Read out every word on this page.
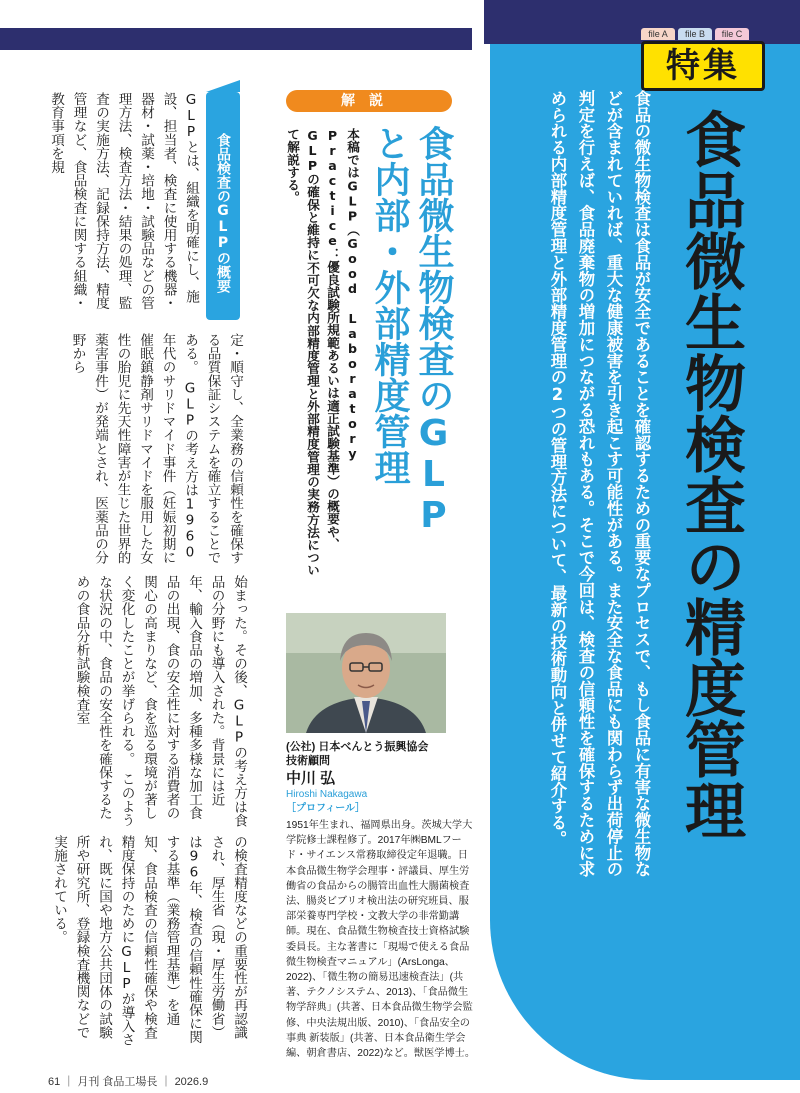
file A	file B	file C
特集
食品微生物検査の精度管理
食品の微生物検査は食品が安全であることを確認するための重要なプロセスで、もし食品に有害な微生物などが含まれていれば、重大な健康被害を引き起こす可能性がある。また安全な食品にも関わらず出荷停止の判定を行えば、食品廃棄物の増加につながる恐れもある。そこで今回は、検査の信頼性を確保するために求められる内部精度管理と外部精度管理の2つの管理方法について、最新の技術動向と併せて紹介する。
解説
食品微生物検査のGLPと内部・外部精度管理
本稿ではGLP（Good Laboratory Practice：優良試験所規範あるいは適正試験基準）の概要や、GLPの確保と維持に不可欠な内部精度管理と外部精度管理の実務方法について解説する。
食品検査のGLPの概要
GLPとは、組織を明確にし、施設、担当者、検査に使用する機器・器材・試薬・培地・試験品などの管理方法、検査方法・結果の処理、監査の実施方法、記録保持方法、精度管理など、食品検査に関する組織・教育事項を規
定・順守し、全業務の信頼性を確保する品質保証システムを確立することである。　GLPの考え方は1960年代のサリドマイド事件（妊娠初期に催眠鎮静剤サリドマイドを服用した女性の胎児に先天性障害が生じた世界的薬害事件）が発端とされ、医薬品の分野から
始まった。その後、GLPの考え方は食品の分野にも導入された。背景には近年、輸入食品の増加、多種多様な加工食品の出現、食の安全性に対する消費者の関心の高まりなど、食を巡る環境が著しく変化したことが挙げられる。　このような状況の中、食品の安全性を確保するための食品分析試験検査室
の検査精度などの重要性が再認識され、厚生省（現・厚生労働省）は96年、検査の信頼性確保に関する基準（業務管理基準）を通知、食品検査の信頼性確保や検査精度保持のためにGLPが導入され、既に国や地方公共団体の試験所や研究所、登録検査機関などで実施されている。

(公社) 日本べんとう振興協会

技術顧問

中川 弘
Hiroshi Nakagawa
［プロフィール］
1951年生まれ、福岡県出身。茨城大学大学院修士課程修了。2017年㈱BMLフード・サイエンス常務取締役定年退職。日本食品微生物学会理事・評議員、厚生労働省の食品からの腸管出血性大腸菌検査法、腸炎ビブリオ検出法の研究班員、服部栄養専門学校・文教大学の非常勤講師。現在、食品微生物検査技士資格試験委員長。主な著書に「現場で使える食品微生物検査マニュアル」(ArsLonga、2022)、「微生物の簡易迅速検査法」(共著、テクノシステム、2013)、「食品微生物学辞典」(共著、日本食品微生物学会監修、中央法規出版、2010)、「食品安全の事典 新装版」(共著、日本食品衛生学会編、朝倉書店、2022)など。獣医学博士。
61 ｜ 月刊 食品工場長 ｜ 2026.9
